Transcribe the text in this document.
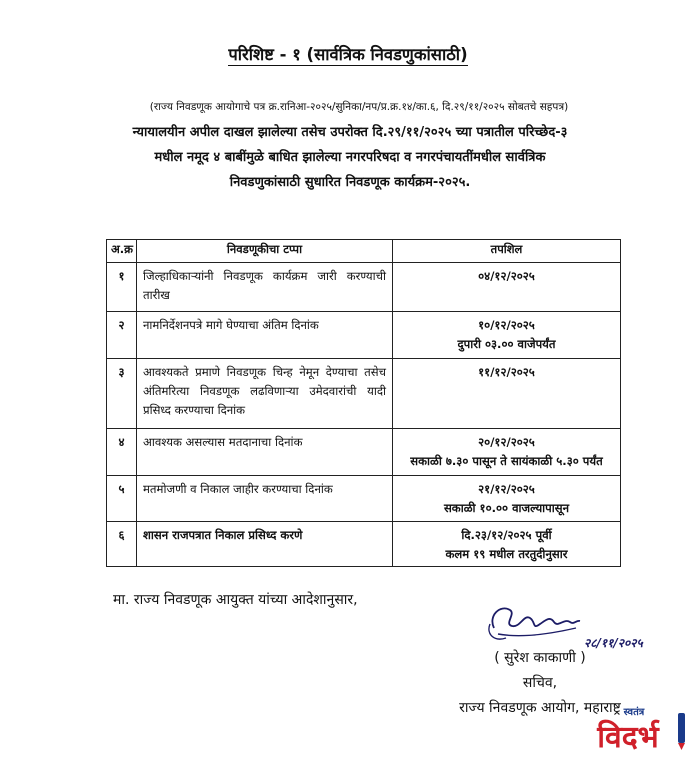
परिशिष्ट - १ (सार्वत्रिक निवडणुकांसाठी)
(राज्य निवडणूक आयोगाचे पत्र क्र.रानिआ-२०२५/सुनिका/नप/प्र.क्र.१४/का.६, दि.२९/११/२०२५ सोबतचे सहपत्र)
न्यायालयीन अपील दाखल झालेल्या तसेच उपरोक्त दि.२९/११/२०२५ च्या पत्रातील परिच्छेद-३
मधील नमूद ४ बाबींमुळे बाधित झालेल्या नगरपरिषदा व नगरपंचायतींमधील सार्वत्रिक
निवडणुकांसाठी सुधारित निवडणूक कार्यक्रम-२०२५.
अ.क्र	निवडणूकीचा टप्पा	तपशिल
१	जिल्हाधिकाऱ्यांनी निवडणूक कार्यक्रम जारी करण्याची तारीख	०४/१२/२०२५

२	नामनिर्देशनपत्रे मागे घेण्याचा अंतिम दिनांक	१०/१२/२०२५
दुपारी ०३.०० वाजेपर्यंत

३	आवश्यकते प्रमाणे निवडणूक चिन्ह नेमून देण्याचा तसेच अंतिमरित्या निवडणूक लढविणाऱ्या उमेदवारांची यादी प्रसिध्द करण्याचा दिनांक	११/१२/२०२५

४	आवश्यक असल्यास मतदानाचा दिनांक	२०/१२/२०२५
सकाळी ७.३० पासून ते सायंकाळी ५.३० पर्यंत

५	मतमोजणी व निकाल जाहीर करण्याचा दिनांक	२१/१२/२०२५
सकाळी १०.०० वाजल्यापासून

६	शासन राजपत्रात निकाल प्रसिध्द करणे	दि.२३/१२/२०२५ पूर्वी
कलम १९ मधील तरतुदीनुसार
मा. राज्य निवडणूक आयुक्त यांच्या आदेशानुसार,
२८/११/२०२५
( सुरेश काकाणी )
सचिव,
राज्य निवडणूक आयोग, महाराष्ट्र स्वतंत्र
विदर्भ
